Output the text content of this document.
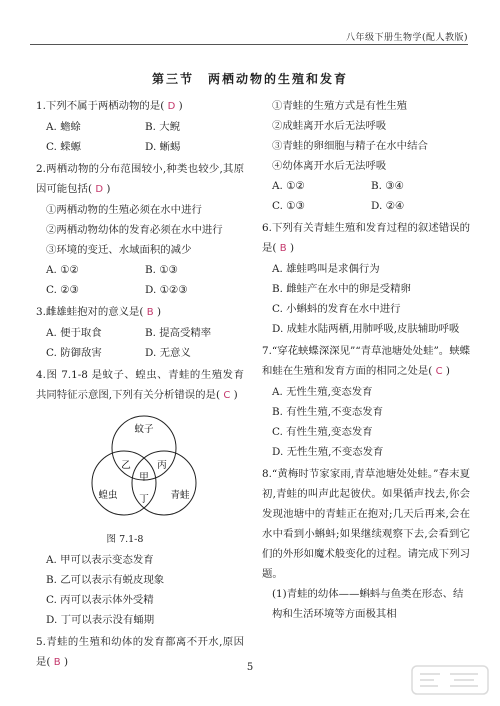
八年级下册生物学(配人教版)
第三节　两栖动物的生殖和发育
1.下列不属于两栖动物的是( D )
A. 蟾蜍	B. 大鲵
C. 蝾螈	D. 蜥蜴
2.两栖动物的分布范围较小,种类也较少,其原因可能包括( D )
①两栖动物的生殖必须在水中进行
②两栖动物幼体的发育必须在水中进行
③环境的变迁、水域面积的减少
A. ①②	B. ①③
C. ②③	D. ①②③
3.雌雄蛙抱对的意义是( B )
A. 便于取食	B. 提高受精率
C. 防御敌害	D. 无意义
4.图 7.1-8 是蚊子、蝗虫、青蛙的生殖发育共同特征示意图,下列有关分析错误的是( C )
蚊子
蝗虫	青蛙
乙
甲
丙
丁
图 7.1-8
A. 甲可以表示变态发育
B. 乙可以表示有蜕皮现象
C. 丙可以表示体外受精
D. 丁可以表示没有蛹期
5.青蛙的生殖和幼体的发育都离不开水,原因是( B )
①青蛙的生殖方式是有性生殖
②成蛙离开水后无法呼吸
③青蛙的卵细胞与精子在水中结合
④幼体离开水后无法呼吸
A. ①②	B. ③④
C. ①③	D. ②④
6.下列有关青蛙生殖和发育过程的叙述错误的是( B )
A. 雄蛙鸣叫是求偶行为
B. 雌蛙产在水中的卵是受精卵
C. 小蝌蚪的发育在水中进行
D. 成蛙水陆两栖,用肺呼吸,皮肤辅助呼吸
7.“穿花蛱蝶深深见”“青草池塘处处蛙”。蛱蝶和蛙在生殖和发育方面的相同之处是( C )
A. 无性生殖,变态发育
B. 有性生殖,不变态发育
C. 有性生殖,变态发育
D. 无性生殖,不变态发育
8.“黄梅时节家家雨,青草池塘处处蛙。”春末夏初,青蛙的叫声此起彼伏。如果循声找去,你会发现池塘中的青蛙正在抱对;几天后再来,会在水中看到小蝌蚪;如果继续观察下去,会看到它们的外形如魔术般变化的过程。请完成下列习题。
(1)青蛙的幼体——蝌蚪与鱼类在形态、结构和生活环境等方面极其相
5
